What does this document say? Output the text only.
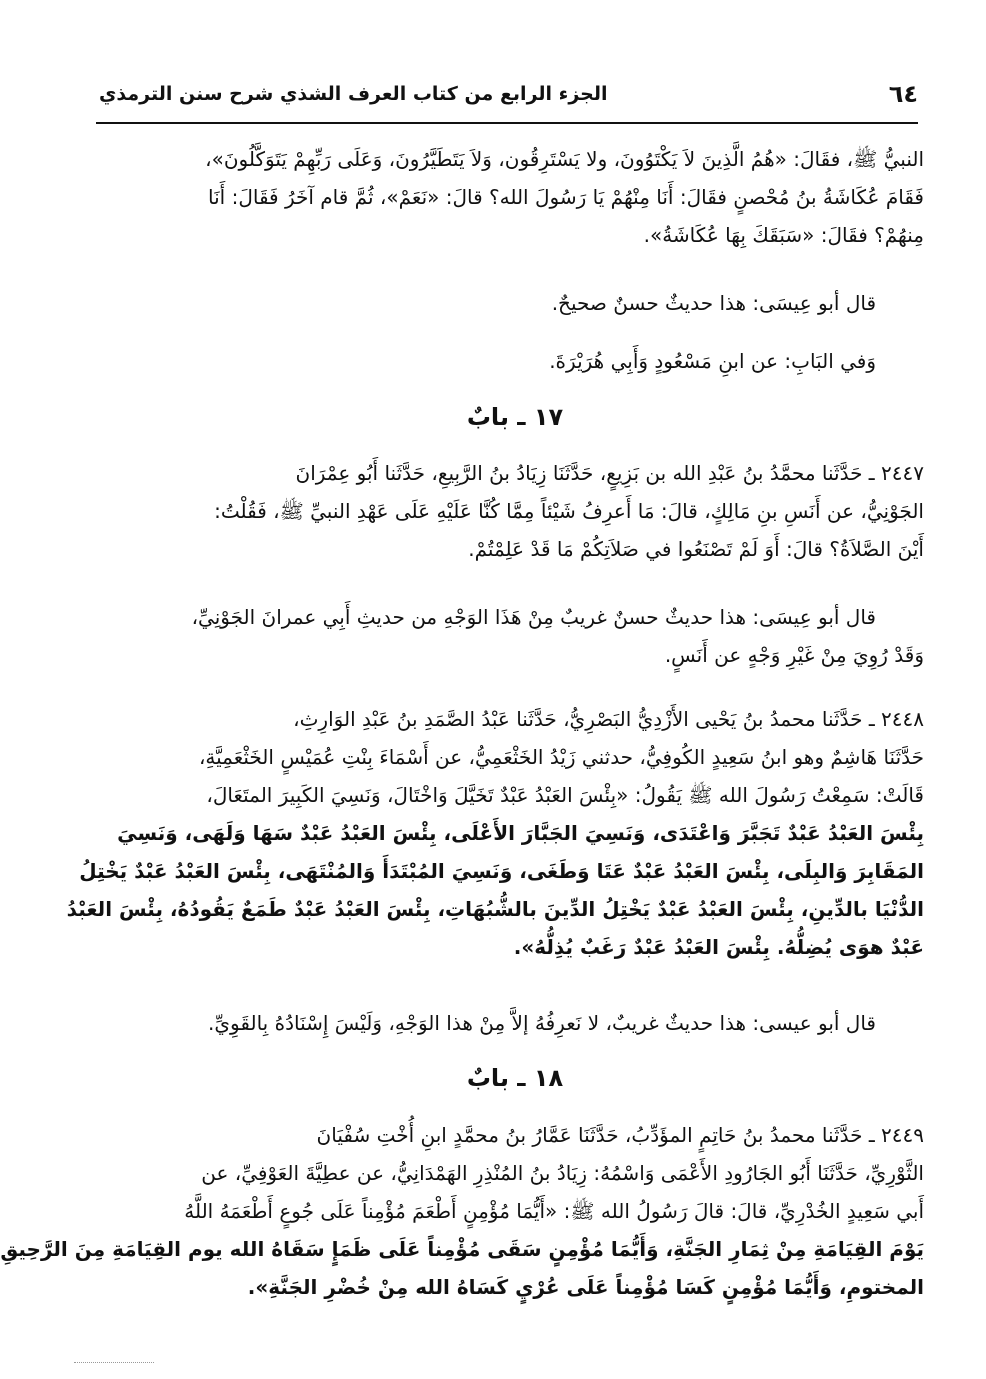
٦٤
الجزء الرابع من كتاب العرف الشذي شرح سنن الترمذي
النبيُّ ﷺ، فقَالَ: «هُمُ الَّذِينَ لاَ يَكْتَوُونَ، ولا يَسْتَرِقُون، وَلاَ يَتَطَيَّرُونَ، وَعَلَى رَبِّهِمْ يَتَوَكَّلُونَ»،
فَقَامَ عُكَاشَةُ بنُ مُحْصنٍ فقَالَ: أَنَا مِنْهُمْ يَا رَسُولَ الله؟ قالَ: «نَعَمْ»، ثُمَّ قام آخَرُ فَقَالَ: أَنَا
مِنهُمْ؟ فقَالَ: «سَبَقَكَ بِهَا عُكَاشَةُ».
قال أبو عِيسَى: هذا حديثٌ حسنٌ صحيحٌ.
وَفي البَابِ: عن ابنِ مَسْعُودٍ وَأَبِي هُرَيْرَةَ.
١٧ ـ بابٌ
٢٤٤٧ ـ حَدَّثَنا محمَّدُ بنُ عَبْدِ الله بن بَزِيعٍ، حَدَّثَنَا زِيَادُ بنُ الرَّبِيعِ، حَدَّثَنا أَبُو عِمْرَانَ
الجَوْنِيُّ، عن أَنَسِ بنِ مَالِكٍ، قالَ: مَا أَعرِفُ شَيْئاً مِمَّا كُنَّا عَلَيْهِ عَلَى عَهْدِ النبيِّ ﷺ، فَقُلْتُ:
أَيْنَ الصَّلاَةُ؟ قالَ: أَوَ لَمْ تَصْنَعُوا في صَلاَتِكُمْ مَا قَدْ عَلِمْتُمْ.
قال أبو عِيسَى: هذا حديثٌ حسنٌ غريبٌ مِنْ هَذَا الوَجْهِ من حديثِ أَبِي عمرانَ الجَوْنِيِّ،
وَقَدْ رُوِيَ مِنْ غَيْرِ وَجْهٍ عن أَنَسٍ.
٢٤٤٨ ـ حَدَّثَنا محمدُ بنُ يَحْيى الأَزْدِيُّ البَصْرِيُّ، حَدَّثَنا عَبْدُ الصَّمَدِ بنُ عَبْدِ الوَارِثِ،
حَدَّثَنَا هَاشِمٌ وهو ابنُ سَعِيدٍ الكُوفِيُّ، حدثني زَيْدُ الخَثْعَمِيُّ، عن أَسْمَاءَ بِنْتِ عُمَيْسٍ الخَثْعَمِيَّةِ،
قَالَتْ: سَمِعْتُ رَسُولَ الله ﷺ يَقُولُ: «بِئْسَ العَبْدُ عَبْدٌ تَخَيَّلَ وَاخْتَالَ، وَنَسِيَ الكَبِيرَ المتَعَالَ،
بِئْسَ العَبْدُ عَبْدٌ تَجَبَّرَ وَاعْتَدَى، وَنَسِيَ الجَبَّارَ الأَعْلَى، بِئْسَ العَبْدُ عَبْدٌ سَهَا وَلَهَى، وَنَسِيَ
المَقَابِرَ وَالبِلَى، بِئْسَ العَبْدُ عَبْدٌ عَتَا وَطَغَى، وَنَسِيَ المُبْتَدَأَ وَالمُنْتَهَى، بِئْسَ العَبْدُ عَبْدٌ يَخْتِلُ
الدُّنْيَا بالدِّينِ، بِئْسَ العَبْدُ عَبْدٌ يَخْتِلُ الدِّينَ بالشُّبُهَاتِ، بِئْسَ العَبْدُ عَبْدٌ طَمَعٌ يَقُودُهُ، بِئْسَ العَبْدُ
عَبْدٌ هوَى يُضِلُّهُ. بِئْسَ العَبْدُ عَبْدٌ رَغَبٌ يُذِلُّهُ».
قال أبو عيسى: هذا حديثٌ غريبٌ، لا نَعرِفُهُ إلاَّ مِنْ هذا الوَجْهِ، وَلَيْسَ إِسْنَادُهُ بِالقَوِيِّ.
١٨ ـ بابٌ
٢٤٤٩ ـ حَدَّثَنا محمدُ بنُ حَاتِمٍ المؤَدِّبُ، حَدَّثَنَا عَمَّارُ بنُ محمَّدٍ ابنِ أُخْتِ سُفْيَانَ
الثَّوْرِيِّ، حَدَّثَنَا أَبُو الجَارُودِ الأَعْمَى وَاسْمُهُ: زِيَادُ بنُ المُنْذِرِ الهَمْدَانِيُّ، عن عطِيَّةَ العَوْفِيِّ، عن
أَبي سَعِيدٍ الخُدْرِيِّ، قالَ: قالَ رَسُولُ الله ﷺ: «أَيُّمَا مُؤْمِنٍ أَطْعَمَ مُؤْمِناً عَلَى جُوعٍ أَطْعَمَهُ اللَّهُ
يَوْمَ القِيَامَةِ مِنْ ثِمَارِ الجَنَّةِ، وَأَيُّمَا مُؤْمِنٍ سَقَى مُؤْمِناً عَلَى ظَمَإٍ سَقَاهُ الله يوم القِيَامَةِ مِنَ الرَّحِيقِ
المختومِ، وَأَيُّمَا مُؤْمِنٍ كَسَا مُؤْمِناً عَلَى عُرْيٍ كَسَاهُ الله مِنْ خُضْرِ الجَنَّةِ».
